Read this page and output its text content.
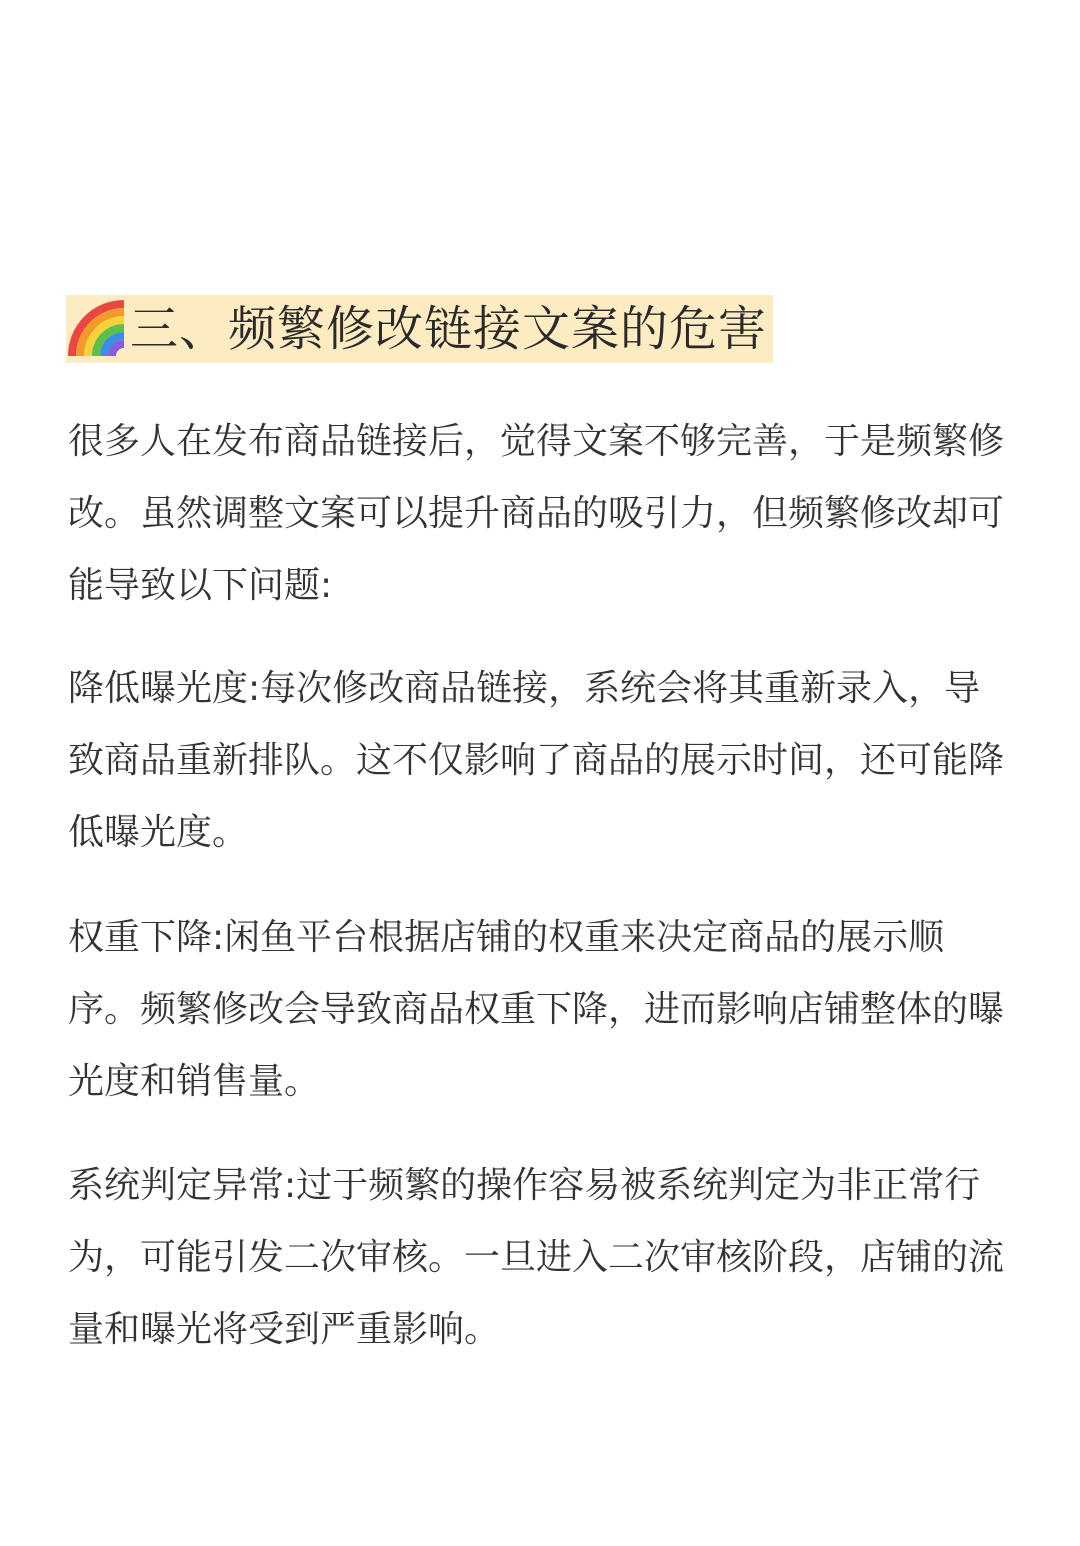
三、频繁修改链接文案的危害

很多人在发布商品链接后，觉得文案不够完善，于是频繁修改。虽然调整文案可以提升商品的吸引力，但频繁修改却可能导致以下问题:

降低曝光度:每次修改商品链接，系统会将其重新录入，导致商品重新排队。这不仅影响了商品的展示时间，还可能降低曝光度。

权重下降:闲鱼平台根据店铺的权重来决定商品的展示顺序。频繁修改会导致商品权重下降，进而影响店铺整体的曝光度和销售量。

系统判定异常:过于频繁的操作容易被系统判定为非正常行为，可能引发二次审核。一旦进入二次审核阶段，店铺的流量和曝光将受到严重影响。
